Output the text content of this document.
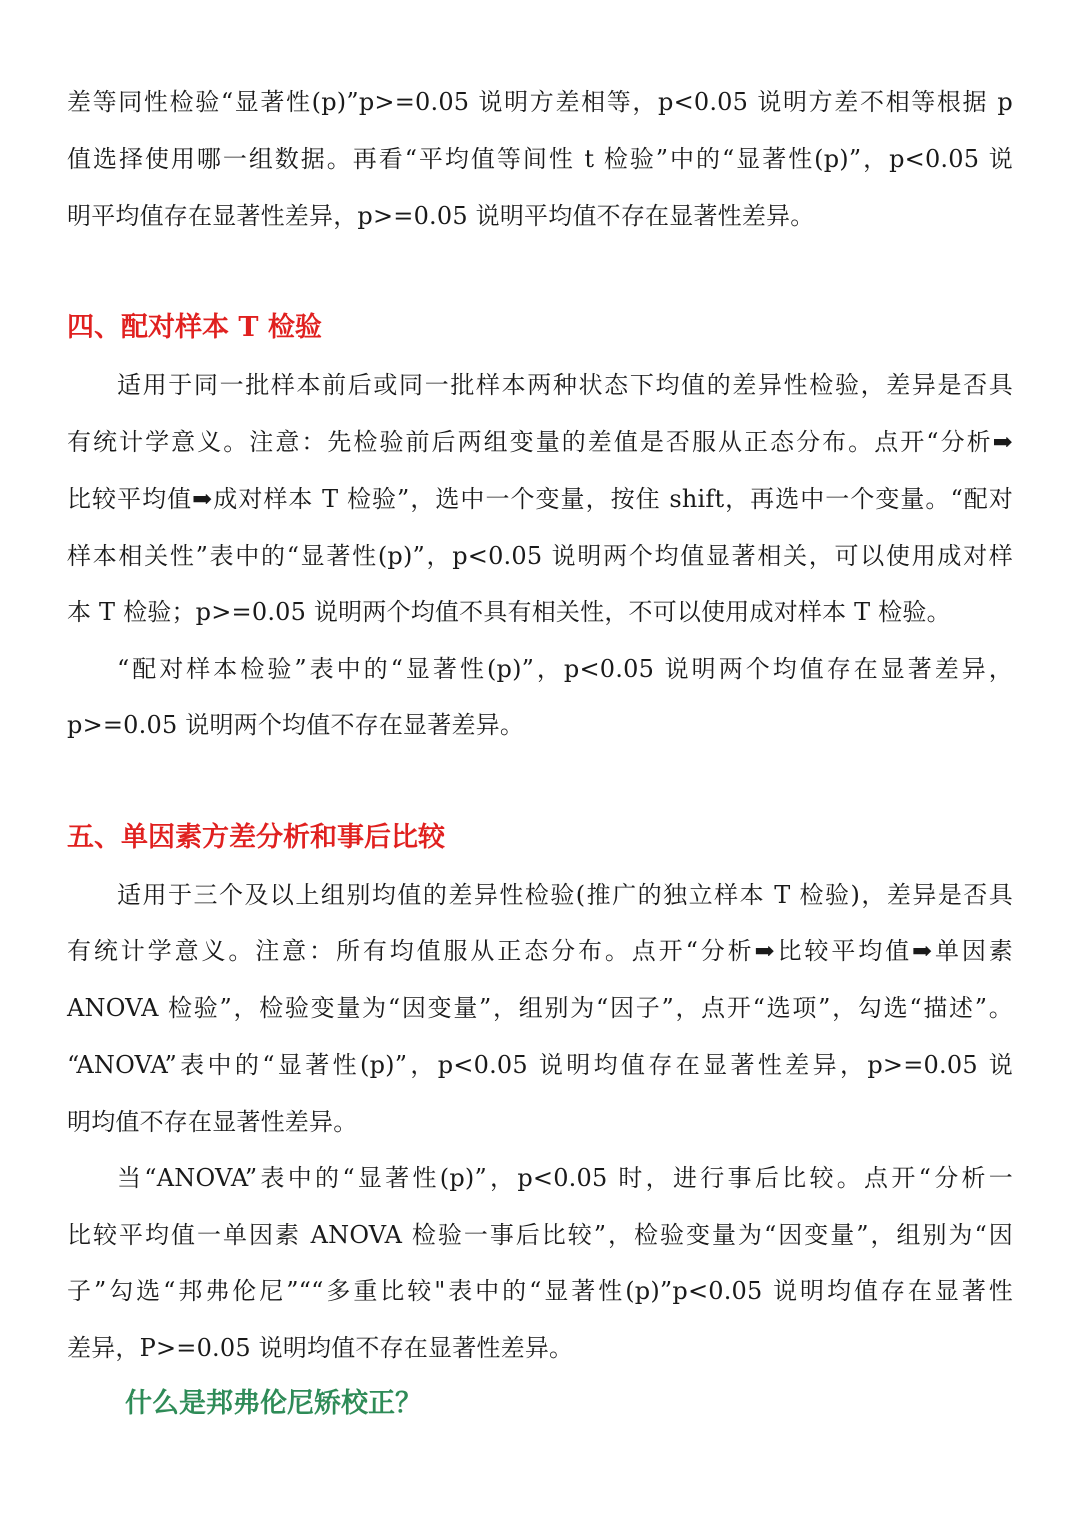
差等同性检验“显著性(p)”p>=0.05 说明方差相等，p<0.05 说明方差不相等根据 p
值选择使用哪一组数据。再看“平均值等间性 t 检验”中的“显著性(p)”，p<0.05 说
明平均值存在显著性差异，p>=0.05 说明平均值不存在显著性差异。
四、配对样本 T 检验
适用于同一批样本前后或同一批样本两种状态下均值的差异性检验，差异是否具
有统计学意义。注意：先检验前后两组变量的差值是否服从正态分布。点开“分析➡
比较平均值➡成对样本 T 检验”，选中一个变量，按住 shift，再选中一个变量。“配对
样本相关性”表中的“显著性(p)”，p<0.05 说明两个均值显著相关，可以使用成对样
本 T 检验；p>=0.05 说明两个均值不具有相关性，不可以使用成对样本 T 检验。
“配对样本检验”表中的“显著性(p)”，p<0.05 说明两个均值存在显著差异，
p>=0.05 说明两个均值不存在显著差异。
五、单因素方差分析和事后比较
适用于三个及以上组别均值的差异性检验(推广的独立样本 T 检验)，差异是否具
有统计学意义。注意：所有均值服从正态分布。点开“分析➡比较平均值➡单因素
ANOVA 检验”，检验变量为“因变量”，组别为“因子”，点开“选项”，勾选“描述”。
“ANOVA”表中的“显著性(p)”，p<0.05 说明均值存在显著性差异，p>=0.05 说
明均值不存在显著性差异。
当“ANOVA”表中的“显著性(p)”，p<0.05 时，进行事后比较。点开“分析一
比较平均值一单因素 ANOVA 检验一事后比较”，检验变量为“因变量”，组别为“因
子”勾选“邦弗伦尼”““多重比较"表中的“显著性(p)”p<0.05 说明均值存在显著性
差异，P>=0.05 说明均值不存在显著性差异。
什么是邦弗伦尼矫校正？
